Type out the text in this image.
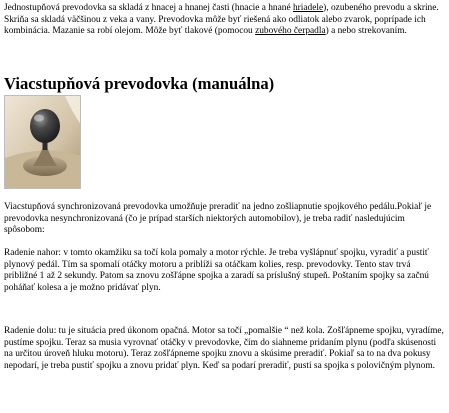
Jednostupňová prevodovka sa skladá z hnacej a hnanej časti (hnacie a hnané hriadele), ozubeného prevodu a skrine. Skriňa sa skladá väčšinou z veka a vany. Prevodovka môže byť riešená ako odliatok alebo zvarok, poprípade ich kombinácia. Mazanie sa robí olejom. Môže byť tlakové (pomocou zubového čerpadla) a nebo strekovaním.

Viacstupňová prevodovka (manuálna)

Viacstupňová synchronizovaná prevodovka umožňuje preradiť na jedno zošliapnutie spojkového pedálu.Pokiaľ je prevodovka nesynchronizovaná (čo je prípad starších niektorých automobilov), je treba radiť nasledujúcim spôsobom:

Radenie nahor: v tomto okamžiku sa točí kola pomaly a motor rýchle. Je treba vyšlápnuť spojku, vyradiť a pustiť plynový pedál. Tím sa spomalí otáčky motoru a priblíži sa otáčkam kolies, resp. prevodovky. Tento stav trvá približné 1 až 2 sekundy. Patom sa znovu zošľápne spojka a zaradí sa príslušný stupeň. Poštaním spojky sa začnú poháňať kolesa a je možno pridávať plyn.

Radenie dolu: tu je situácia pred úkonom opačná. Motor sa točí „pomalšie “ než kola. Zošľápneme spojku, vyradíme, pustíme spojku. Teraz sa musia vyrovnať otáčky v prevodovke, čím do siahneme pridaním plynu (podľa skúsenosti na určitou úroveň hluku motoru). Teraz zošľápneme spojku znovu a skúsime preradiť. Pokiaľ sa to na dva pokusy nepodarí, je treba pustiť spojku a znovu pridať plyn. Keď sa podarí preradiť, pustí sa spojka s polovičným plynom.
